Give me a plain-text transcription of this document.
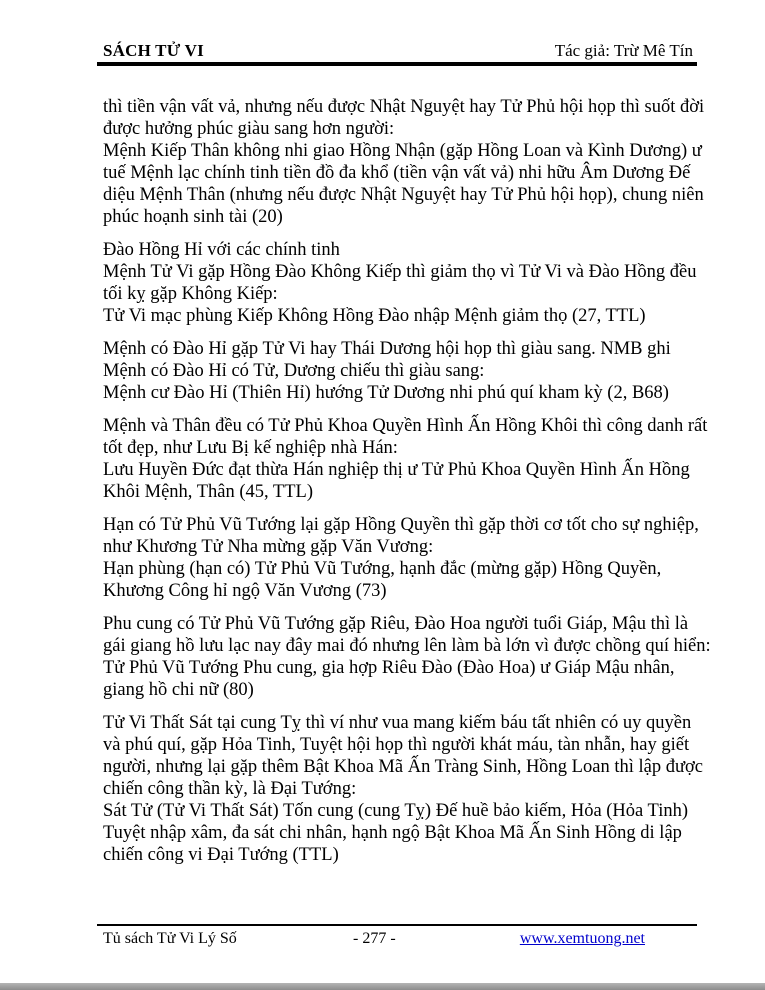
SÁCH TỬ VI	Tác giả: Trừ Mê Tín
thì tiền vận vất vả, nhưng nếu được Nhật Nguyệt hay Tử Phủ hội họp thì suốt đời
được hưởng phúc giàu sang hơn người:
Mệnh Kiếp Thân không nhi giao Hồng Nhận (gặp Hồng Loan và Kình Dương) ư
tuế Mệnh lạc chính tinh tiền đồ đa khổ (tiền vận vất vả) nhi hữu Âm Dương Đế
diệu Mệnh Thân (nhưng nếu được Nhật Nguyệt hay Tử Phủ hội họp), chung niên
phúc hoạnh sinh tài (20)
Đào Hồng Hỉ với các chính tinh
Mệnh Tử Vi gặp Hồng Đào Không Kiếp thì giảm thọ vì Tử Vi và Đào Hồng đều
tối kỵ gặp Không Kiếp:
Tử Vi mạc phùng Kiếp Không Hồng Đào nhập Mệnh giảm thọ (27, TTL)
Mệnh có Đào Hỉ gặp Tử Vi hay Thái Dương hội họp thì giàu sang. NMB ghi
Mệnh có Đào Hỉ có Tử, Dương chiếu thì giàu sang:
Mệnh cư Đào Hỉ (Thiên Hỉ) hướng Tử Dương nhi phú quí kham kỳ (2, B68)
Mệnh và Thân đều có Tử Phủ Khoa Quyền Hình Ấn Hồng Khôi thì công danh rất
tốt đẹp, như Lưu Bị kế nghiệp nhà Hán:
Lưu Huyền Đức đạt thừa Hán nghiệp thị ư Tử Phủ Khoa Quyền Hình Ấn Hồng
Khôi Mệnh, Thân (45, TTL)
Hạn có Tử Phủ Vũ Tướng lại gặp Hồng Quyền thì gặp thời cơ tốt cho sự nghiệp,
như Khương Tử Nha mừng gặp Văn Vương:
Hạn phùng (hạn có) Tử Phủ Vũ Tướng, hạnh đắc (mừng gặp) Hồng Quyền,
Khương Công hỉ ngộ Văn Vương (73)
Phu cung có Tử Phủ Vũ Tướng gặp Riêu, Đào Hoa người tuổi Giáp, Mậu thì là
gái giang hồ lưu lạc nay đây mai đó nhưng lên làm bà lớn vì được chồng quí hiển:
Tử Phủ Vũ Tướng Phu cung, gia hợp Riêu Đào (Đào Hoa) ư Giáp Mậu nhân,
giang hồ chi nữ (80)
Tử Vi Thất Sát tại cung Tỵ thì ví như vua mang kiếm báu tất nhiên có uy quyền
và phú quí, gặp Hỏa Tinh, Tuyệt hội họp thì người khát máu, tàn nhẫn, hay giết
người, nhưng lại gặp thêm Bật Khoa Mã Ấn Tràng Sinh, Hồng Loan thì lập được
chiến công thần kỳ, là Đại Tướng:
Sát Tử (Tử Vi Thất Sát) Tốn cung (cung Tỵ) Đế huề bảo kiếm, Hỏa (Hỏa Tinh)
Tuyệt nhập xâm, đa sát chi nhân, hạnh ngộ Bật Khoa Mã Ấn Sinh Hồng di lập
chiến công vi Đại Tướng (TTL)
Tủ sách Tử Vi Lý Số	- 277 -	www.xemtuong.net
